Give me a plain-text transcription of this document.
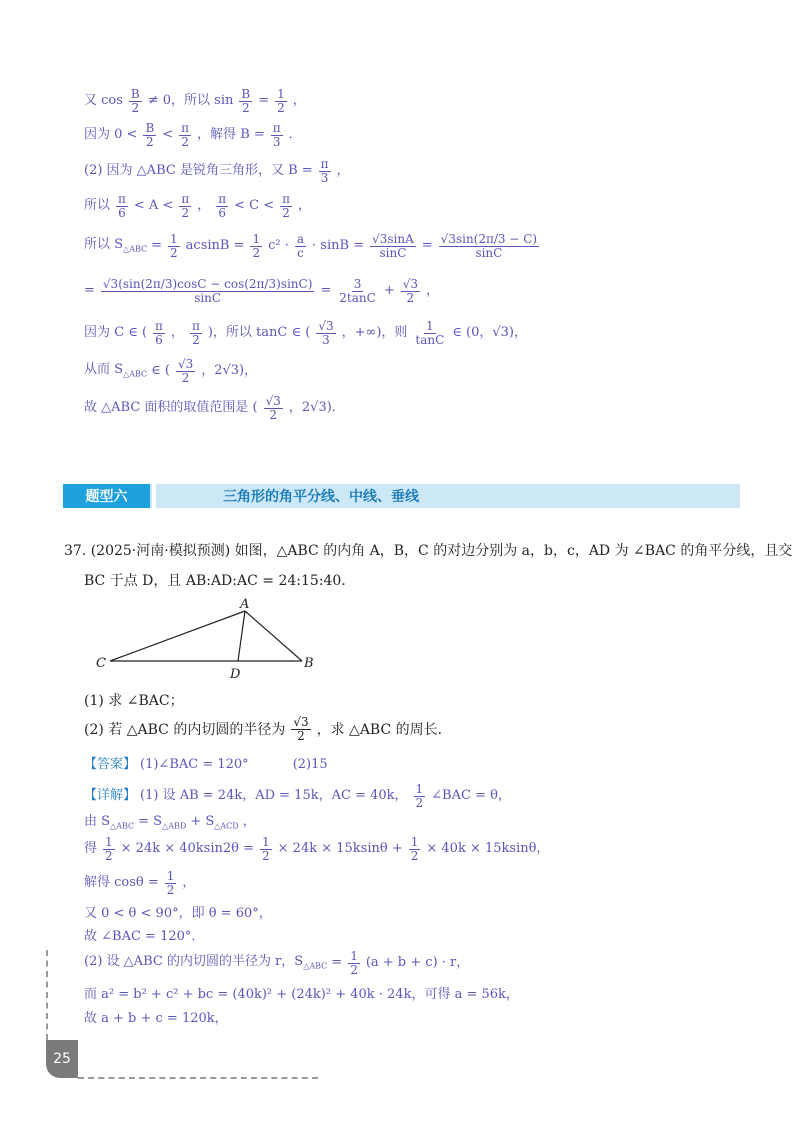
又 $\cos \frac{B}{2} \ne 0$，所以 $\sin \frac{B}{2} = \frac{1}{2}$ ，
因为 $0 < \frac{B}{2} < \frac{\pi}{2}$ ，解得 $B = \frac{\pi}{3}$ ．
(2) 因为 △ABC 是锐角三角形，又 $B = \frac{\pi}{3}$ ，
所以 $\frac{\pi}{6} < A < \frac{\pi}{2}$ ， $\frac{\pi}{6} < C < \frac{\pi}{2}$ ，
所以 $S_{\triangle ABC} = \frac{1}{2}$ $acsinB = \frac{1}{2} c^2 \cdot \frac{a}{c} \cdot \sin B = \frac{√3\sin A}{\sin C} = \frac{√3\sin(2\pi/3 - C)}{\sin C}$
= $\frac{√3(\sin(2\pi/3)\cos C - \cos(2\pi/3)\sin C)}{\sin C} = \frac{3}{2\tan C} + \frac{√3}{2}$ ，
因为 C ∈ ( $\frac{\pi}{6}$ ， $\frac{\pi}{2}$ )，所以 tanC ∈ ( $\frac{√3}{3}$ ，+∞)，则 $\frac{1}{\tan C}$ ∈ (0，√3)，
从而 $S_{\triangle ABC}$ ∈ ( $\frac{√3}{2}$ ，2√3)，
故 △ABC 面积的取值范围是 ( $\frac{√3}{2}$ ，2√3)．
题型六	三角形的角平分线、中线、垂线
37. (2025·河南·模拟预测) 如图，△ABC 的内角 A，B，C 的对边分别为 a，b，c，AD 为 ∠BAC 的角平分线，且交
BC 于点 D，且 AB:AD:AC = 24:15:40．
A
B
C
D
(1) 求 ∠BAC；
(2) 若 △ABC 的内切圆的半径为 $\frac{√3}{2}$ ，求 △ABC 的周长．
【答案】 (1)∠BAC = 120°	(2)15
【详解】 (1) 设 AB = 24k，AD = 15k，AC = 40k， $\frac{1}{2}$ ∠BAC = θ，
由 $S_{\triangle ABC} = S_{\triangle ABD} + S_{\triangle ACD}$ ，
得 $\frac{1}{2} \times 24k \times 40ksin2\theta = \frac{1}{2} \times 24k \times 15ksin\theta + \frac{1}{2} \times 40k \times 15ksin\theta$，
解得 $\cos\theta = \frac{1}{2}$ ，
又 0 < θ < 90°，即 θ = 60°，
故 ∠BAC = 120°．
(2) 设 △ABC 的内切圆的半径为 r，$S_{\triangle ABC} = \frac{1}{2} (a + b + c) \cdot r$，
而 a² = b² + c² + bc = (40k)² + (24k)² + 40k · 24k，可得 a = 56k，
故 a + b + c = 120k，
25
